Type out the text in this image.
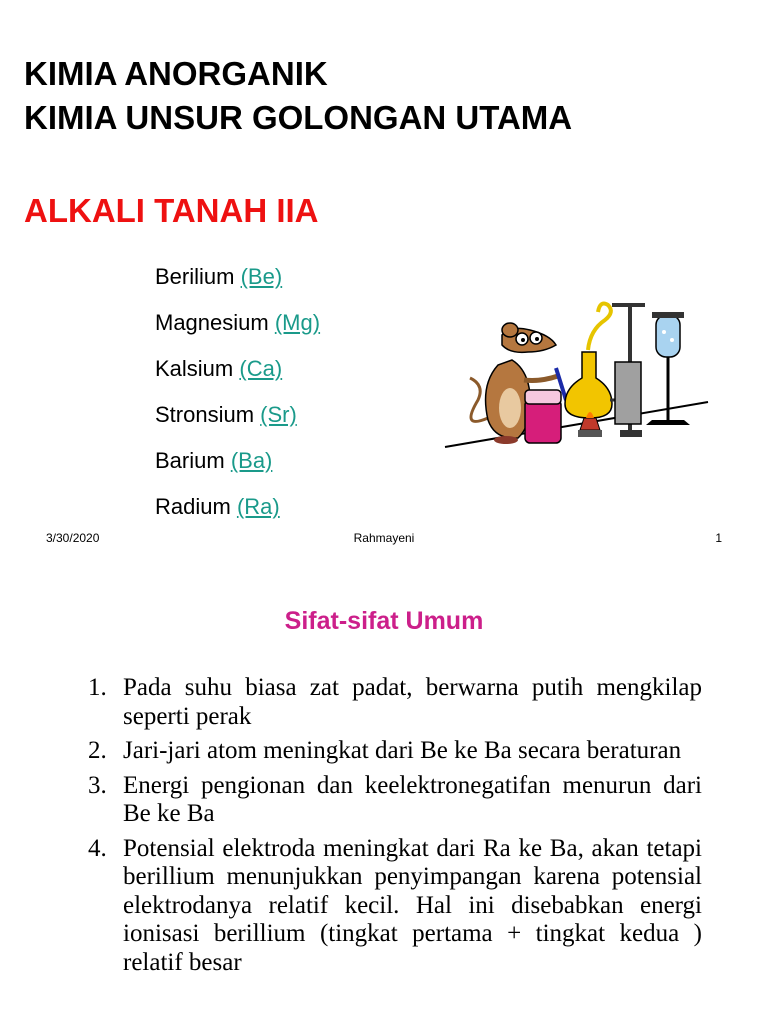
KIMIA ANORGANIK
KIMIA UNSUR GOLONGAN UTAMA
ALKALI TANAH IIA
Berilium (Be)
Magnesium (Mg)
Kalsium (Ca)
Stronsium (Sr)
Barium (Ba)
Radium (Ra)
3/30/2020	Rahmayeni	1
Sifat-sifat Umum
1. Pada suhu biasa zat padat, berwarna putih mengkilap seperti perak
2. Jari-jari atom meningkat dari Be ke Ba secara beraturan
3. Energi pengionan dan keelektronegatifan menurun dari Be ke Ba
4. Potensial elektroda meningkat dari Ra ke Ba, akan tetapi berillium menunjukkan penyimpangan karena potensial elektrodanya relatif kecil. Hal ini disebabkan energi ionisasi berillium (tingkat pertama + tingkat kedua ) relatif besar
